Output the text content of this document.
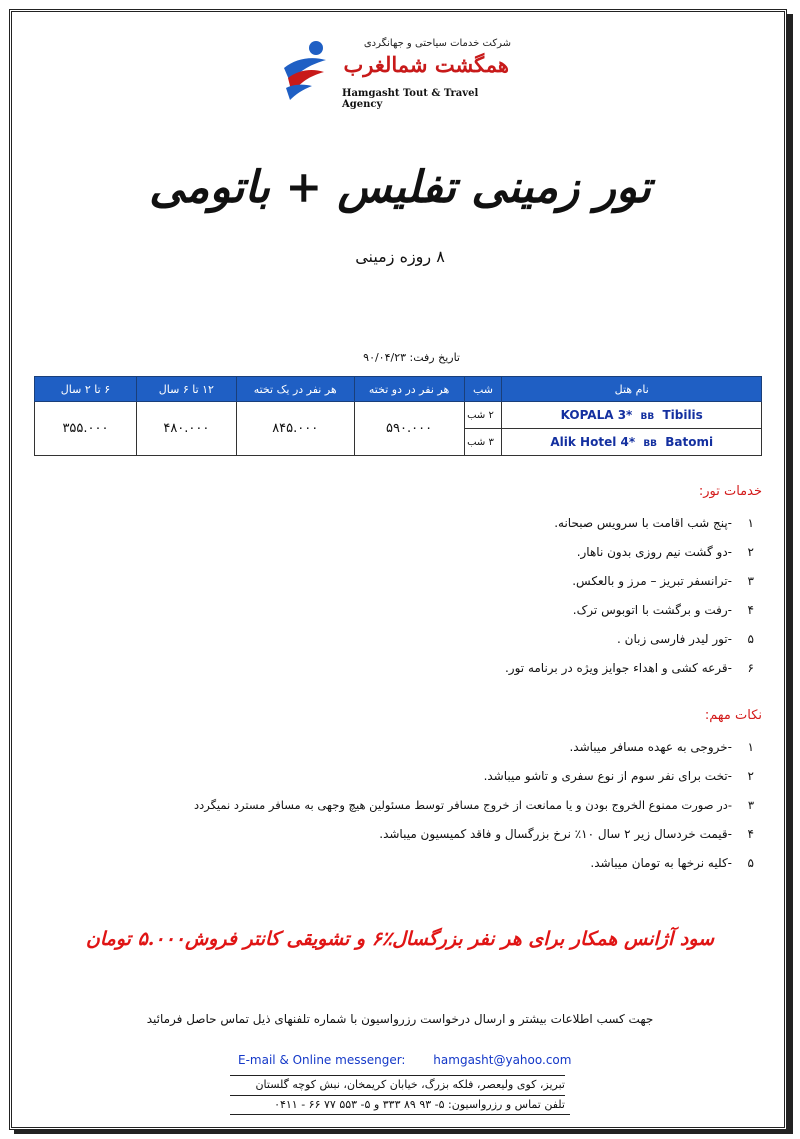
شرکت خدمات سیاحتی و جهانگردی
همگشت شمالغرب
Hamgasht Tout & Travel Agency
تور زمینی تفلیس + باتومی
۸ روزه زمینی
تاریخ رفت: ۹۰/۰۴/۲۳
نام هتل	شب	هر نفر در دو تخته	هر نفر در یک تخته	۱۲ تا ۶ سال	۶ تا ۲ سال
KOPALA 3* BB Tibilis	۲ شب	۵۹۰.۰۰۰	۸۴۵.۰۰۰	۴۸۰.۰۰۰	۳۵۵.۰۰۰
Alik Hotel 4* BB Batomi	۳ شب				
خدمات تور:
۱-پنج شب اقامت با سرویس صبحانه.
۲-دو گشت نیم روزی بدون ناهار.
۳-ترانسفر تبریز – مرز و بالعکس.
۴-رفت و برگشت با اتوبوس ترک.
۵-تور لیدر فارسی زبان .
۶-قرعه کشی و اهداء جوایز ویژه در برنامه تور.
نکات مهم:
۱-خروجی به عهده مسافر میباشد.
۲-تخت برای نفر سوم از نوع سفری و تاشو میباشد.
۳-در صورت ممنوع الخروج بودن و یا ممانعت از خروج مسافر توسط مسئولین هیچ وجهی به مسافر مسترد نمیگردد
۴-قیمت خردسال زیر ۲ سال ۱۰٪ نرخ بزرگسال و فاقد کمیسیون میباشد.
۵-کلیه نرخها به تومان میباشد.
سود آژانس همکار برای هر نفر بزرگسال٪۶ و تشویقی کانتر فروش۵.۰۰۰ تومان
جهت کسب اطلاعات بیشتر و ارسال درخواست رزرواسیون با شماره تلفنهای ذیل تماس حاصل فرمائید
E-mail & Online messenger: hamgasht@yahoo.com
تبریز، کوی ولیعصر، فلکه بزرگ، خیابان کریمخان، نبش کوچه گلستان
تلفن تماس و رزرواسیون: ۵- ۹۳ ۸۹ ۳۳۳ و ۵- ۵۵۳ ۷۷ ۶۶ - ۰۴۱۱
